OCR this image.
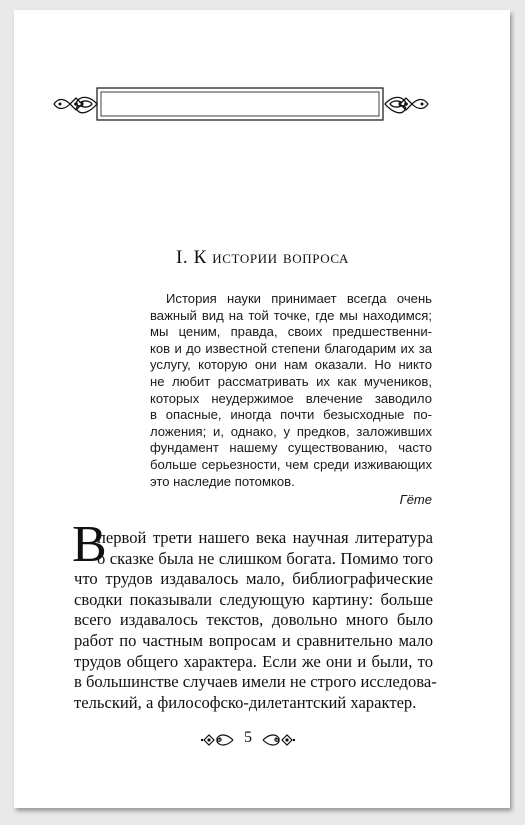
I. К истории вопроса
История науки принимает всегда очень
важный вид на той точке, где мы находимся;
мы ценим, правда, своих предшественни-
ков и до известной степени благодарим их за
услугу, которую они нам оказали. Но никто
не любит рассматривать их как мучеников,
которых неудержимое влечение заводило
в опасные, иногда почти безысходные по-
ложения; и, однако, у предков, заложивших
фундамент нашему существованию, часто
больше серьезности, чем среди изживающих
это наследие потомков.
Гёте
В
первой трети нашего века научная литература
о сказке была не слишком богата. Помимо того
что трудов издавалось мало, библиографические
сводки показывали следующую картину: больше
всего издавалось текстов, довольно много было
работ по частным вопросам и сравнительно мало
трудов общего характера. Если же они и были, то
в большинстве случаев имели не строго исследова-
тельский, а философско-дилетантский характер.
5
